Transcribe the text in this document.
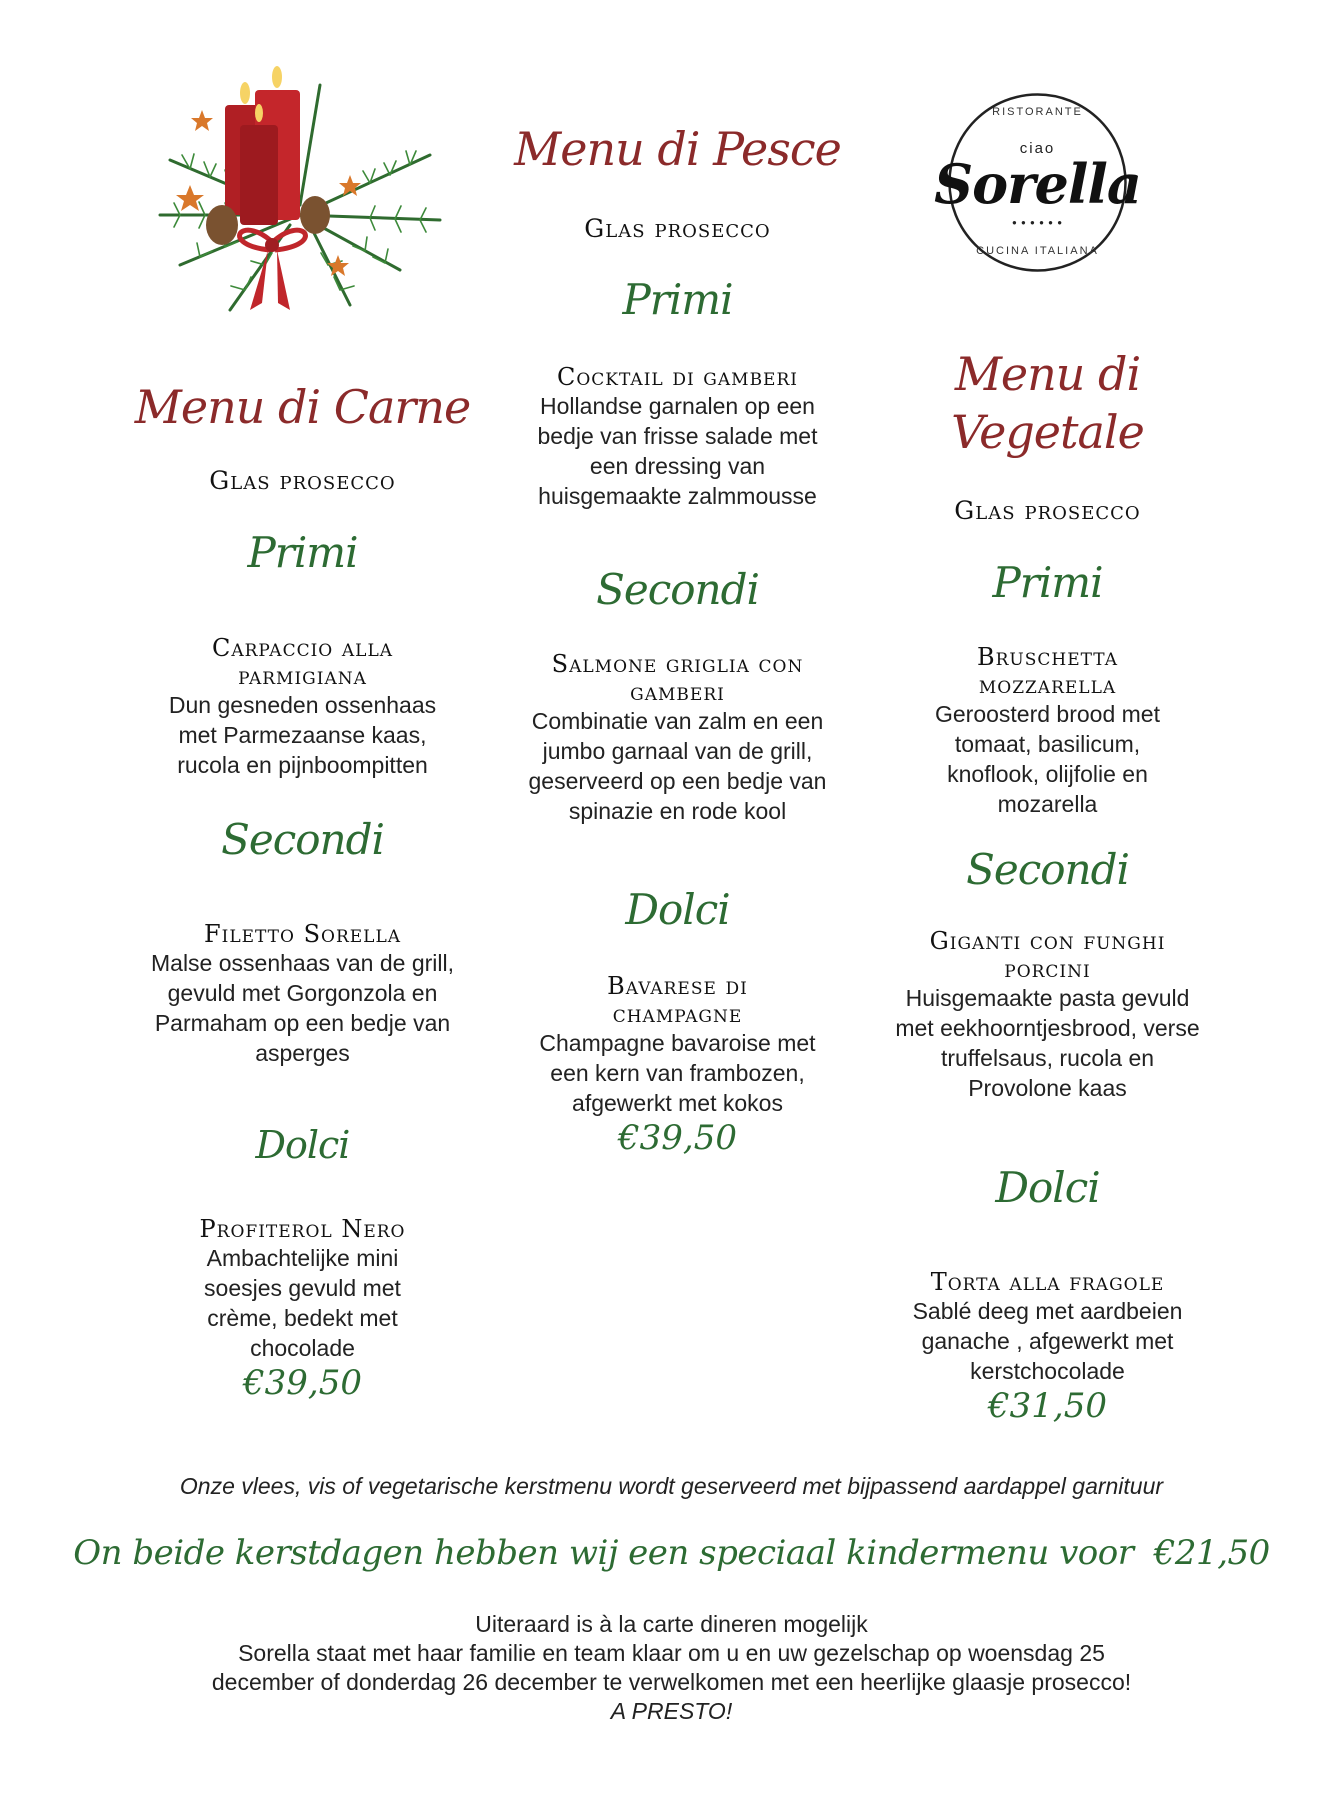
RISTORANTE
ciao
Sorella
● ● ● ● ● ●
CUCINA ITALIANA
Menu di Carne
Glas prosecco
Primi
Carpaccio alla parmigiana
Dun gesneden ossenhaas met Parmezaanse kaas, rucola en pijnboompitten
Secondi
Filetto Sorella
Malse ossenhaas van de grill, gevuld met Gorgonzola en Parmaham op een bedje van asperges
Dolci
Profiterol Nero
Ambachtelijke mini soesjes gevuld met crème, bedekt met chocolade
€39,50
Menu di Pesce
Glas prosecco
Primi
Cocktail di gamberi
Hollandse garnalen op een bedje van frisse salade met een dressing van huisgemaakte zalmmousse
Secondi
Salmone griglia con gamberi
Combinatie van zalm en een jumbo garnaal van de grill, geserveerd op een bedje van spinazie en rode kool
Dolci
Bavarese di champagne
Champagne bavaroise met een kern van frambozen, afgewerkt met kokos
€39,50
Menu di
Vegetale
Glas prosecco
Primi
Bruschetta mozzarella
Geroosterd brood met tomaat, basilicum, knoflook, olijfolie en mozarella
Secondi
Giganti con funghi porcini
Huisgemaakte pasta gevuld met eekhoorntjesbrood, verse truffelsaus, rucola en Provolone kaas
Dolci
Torta alla fragole
Sablé deeg met aardbeien ganache , afgewerkt met kerstchocolade
€31,50
Onze vlees, vis of vegetarische kerstmenu wordt geserveerd met bijpassend aardappel garnituur
On beide kerstdagen hebben wij een speciaal kindermenu voor €21,50
Uiteraard is à la carte dineren mogelijk
Sorella staat met haar familie en team klaar om u en uw gezelschap op woensdag 25
december of donderdag 26 december te verwelkomen met een heerlijke glaasje prosecco!
A PRESTO!
